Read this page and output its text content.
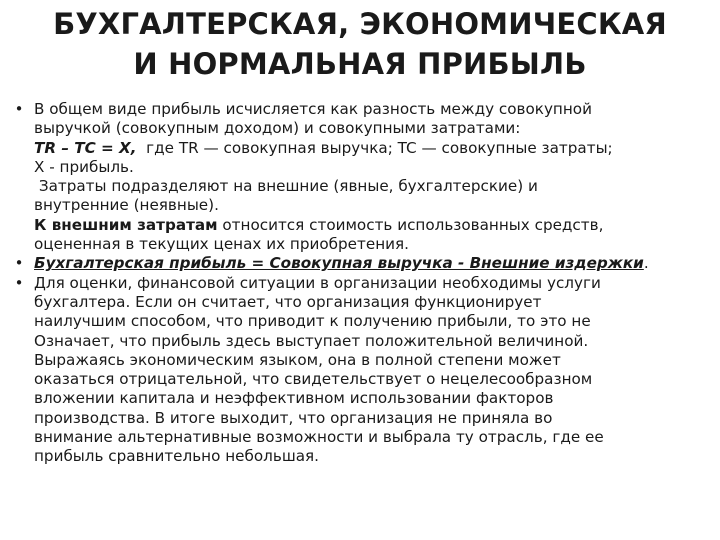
БУХГАЛТЕРСКАЯ, ЭКОНОМИЧЕСКАЯ
И НОРМАЛЬНАЯ ПРИБЫЛЬ
• В общем виде прибыль исчисляется как разность между совокупной
выручкой (совокупным доходом) и совокупными затратами:
TR – TC = X,  где TR — совокупная выручка; TC — совокупные затраты;
X - прибыль.
Затраты подразделяют на внешние (явные, бухгалтерские) и
внутренние (неявные).
К внешним затратам относится стоимость использованных средств,
оцененная в текущих ценах их приобретения.
• Бухгалтерская прибыль = Совокупная выручка - Внешние издержки.
• Для оценки, финансовой ситуации в организации необходимы услуги
бухгалтера. Если он считает, что организация функционирует
наилучшим способом, что приводит к получению прибыли, то это не
Означает, что прибыль здесь выступает положительной величиной.
Выражаясь экономическим языком, она в полной степени может
оказаться отрицательной, что свидетельствует о нецелесообразном
вложении капитала и неэффективном использовании факторов
производства. В итоге выходит, что организация не приняла во
внимание альтернативные возможности и выбрала ту отрасль, где ее
прибыль сравнительно небольшая.
